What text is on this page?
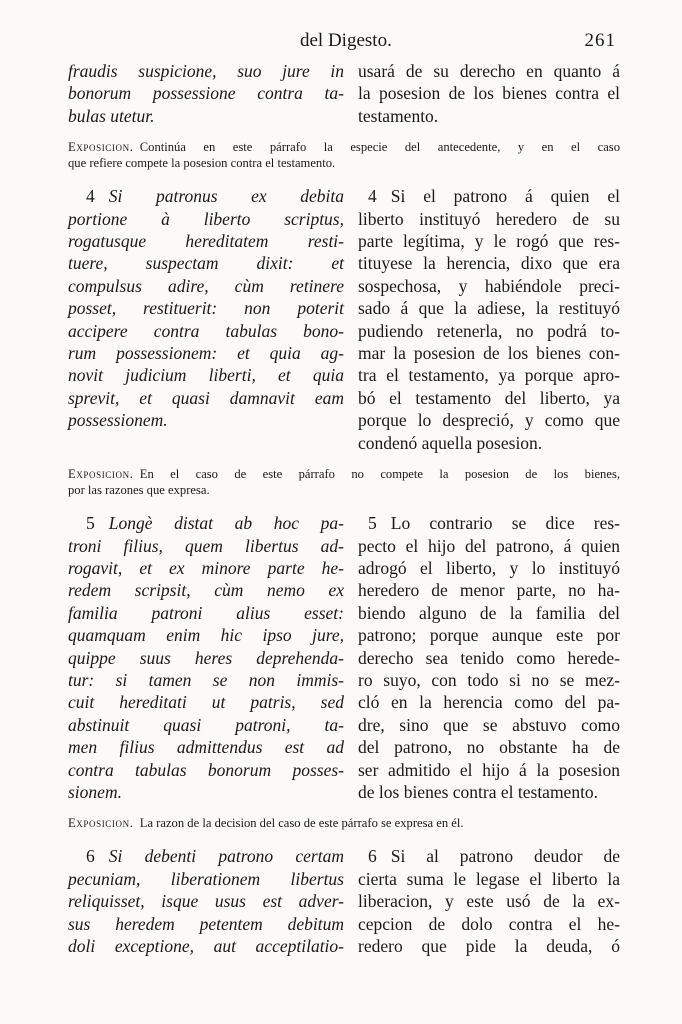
del Digesto.	261
fraudis suspicione, suo jure in
bonorum possessione contra ta-
bulas utetur.
usará de su derecho en quanto á
la posesion de los bienes contra el
testamento.
Exposicion.  Continúa en este párrafo la especie del antecedente, y en el caso
que refiere compete la posesion contra el testamento.
4 Si patronus ex debita
portione à liberto scriptus,
rogatusque hereditatem resti-
tuere, suspectam dixit: et
compulsus adire, cùm retinere
posset, restituerit: non poterit
accipere contra tabulas bono-
rum possessionem: et quia ag-
novit judicium liberti, et quia
sprevit, et quasi damnavit eam
possessionem.
4 Si el patrono á quien el
liberto instituyó heredero de su
parte legítima, y le rogó que res-
tituyese la herencia, dixo que era
sospechosa, y habiéndole preci-
sado á que la adiese, la restituyó
pudiendo retenerla, no podrá to-
mar la posesion de los bienes con-
tra el testamento, ya porque apro-
bó el testamento del liberto, ya
porque lo despreció, y como que
condenó aquella posesion.
Exposicion.  En el caso de este párrafo no compete la posesion de los bienes,
por las razones que expresa.
5 Longè distat ab hoc pa-
troni filius, quem libertus ad-
rogavit, et ex minore parte he-
redem scripsit, cùm nemo ex
familia patroni alius esset:
quamquam enim hic ipso jure,
quippe suus heres deprehenda-
tur: si tamen se non immis-
cuit hereditati ut patris, sed
abstinuit quasi patroni, ta-
men filius admittendus est ad
contra tabulas bonorum posses-
sionem.
5 Lo contrario se dice res-
pecto el hijo del patrono, á quien
adrogó el liberto, y lo instituyó
heredero de menor parte, no ha-
biendo alguno de la familia del
patrono; porque aunque este por
derecho sea tenido como herede-
ro suyo, con todo si no se mez-
cló en la herencia como del pa-
dre, sino que se abstuvo como
del patrono, no obstante ha de
ser admitido el hijo á la posesion
de los bienes contra el testamento.
Exposicion.  La razon de la decision del caso de este párrafo se expresa en él.
6 Si debenti patrono certam
pecuniam, liberationem libertus
reliquisset, isque usus est adver-
sus heredem petentem debitum
doli exceptione, aut acceptilatio-
6 Si al patrono deudor de
cierta suma le legase el liberto la
liberacion, y este usó de la ex-
cepcion de dolo contra el he-
redero que pide la deuda, ó
